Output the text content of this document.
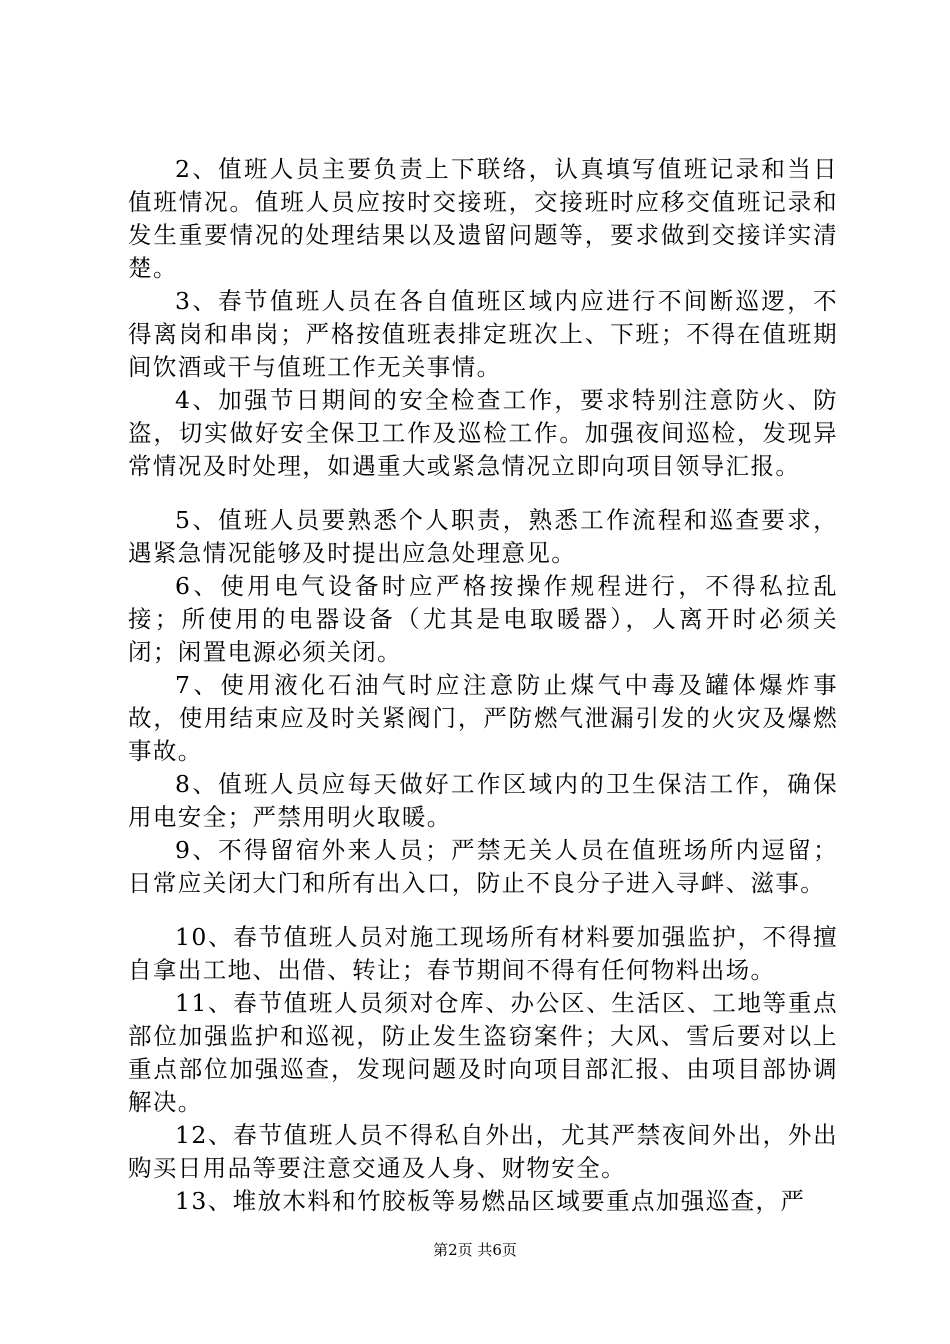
2、值班人员主要负责上下联络，认真填写值班记录和当日值班情况。值班人员应按时交接班，交接班时应移交值班记录和发生重要情况的处理结果以及遗留问题等，要求做到交接详实清楚。

3、春节值班人员在各自值班区域内应进行不间断巡逻，不得离岗和串岗；严格按值班表排定班次上、下班；不得在值班期间饮酒或干与值班工作无关事情。

4、加强节日期间的安全检查工作，要求特别注意防火、防盗，切实做好安全保卫工作及巡检工作。加强夜间巡检，发现异常情况及时处理，如遇重大或紧急情况立即向项目领导汇报。

5、值班人员要熟悉个人职责，熟悉工作流程和巡查要求，遇紧急情况能够及时提出应急处理意见。

6、使用电气设备时应严格按操作规程进行，不得私拉乱接；所使用的电器设备（尤其是电取暖器），人离开时必须关闭；闲置电源必须关闭。

7、使用液化石油气时应注意防止煤气中毒及罐体爆炸事故，使用结束应及时关紧阀门，严防燃气泄漏引发的火灾及爆燃事故。

8、值班人员应每天做好工作区域内的卫生保洁工作，确保用电安全；严禁用明火取暖。

9、不得留宿外来人员；严禁无关人员在值班场所内逗留；日常应关闭大门和所有出入口，防止不良分子进入寻衅、滋事。

10、春节值班人员对施工现场所有材料要加强监护，不得擅自拿出工地、出借、转让；春节期间不得有任何物料出场。

11、春节值班人员须对仓库、办公区、生活区、工地等重点部位加强监护和巡视，防止发生盗窃案件；大风、雪后要对以上重点部位加强巡查，发现问题及时向项目部汇报、由项目部协调解决。

12、春节值班人员不得私自外出，尤其严禁夜间外出，外出购买日用品等要注意交通及人身、财物安全。

13、堆放木料和竹胶板等易燃品区域要重点加强巡查，严

第2页 共6页
